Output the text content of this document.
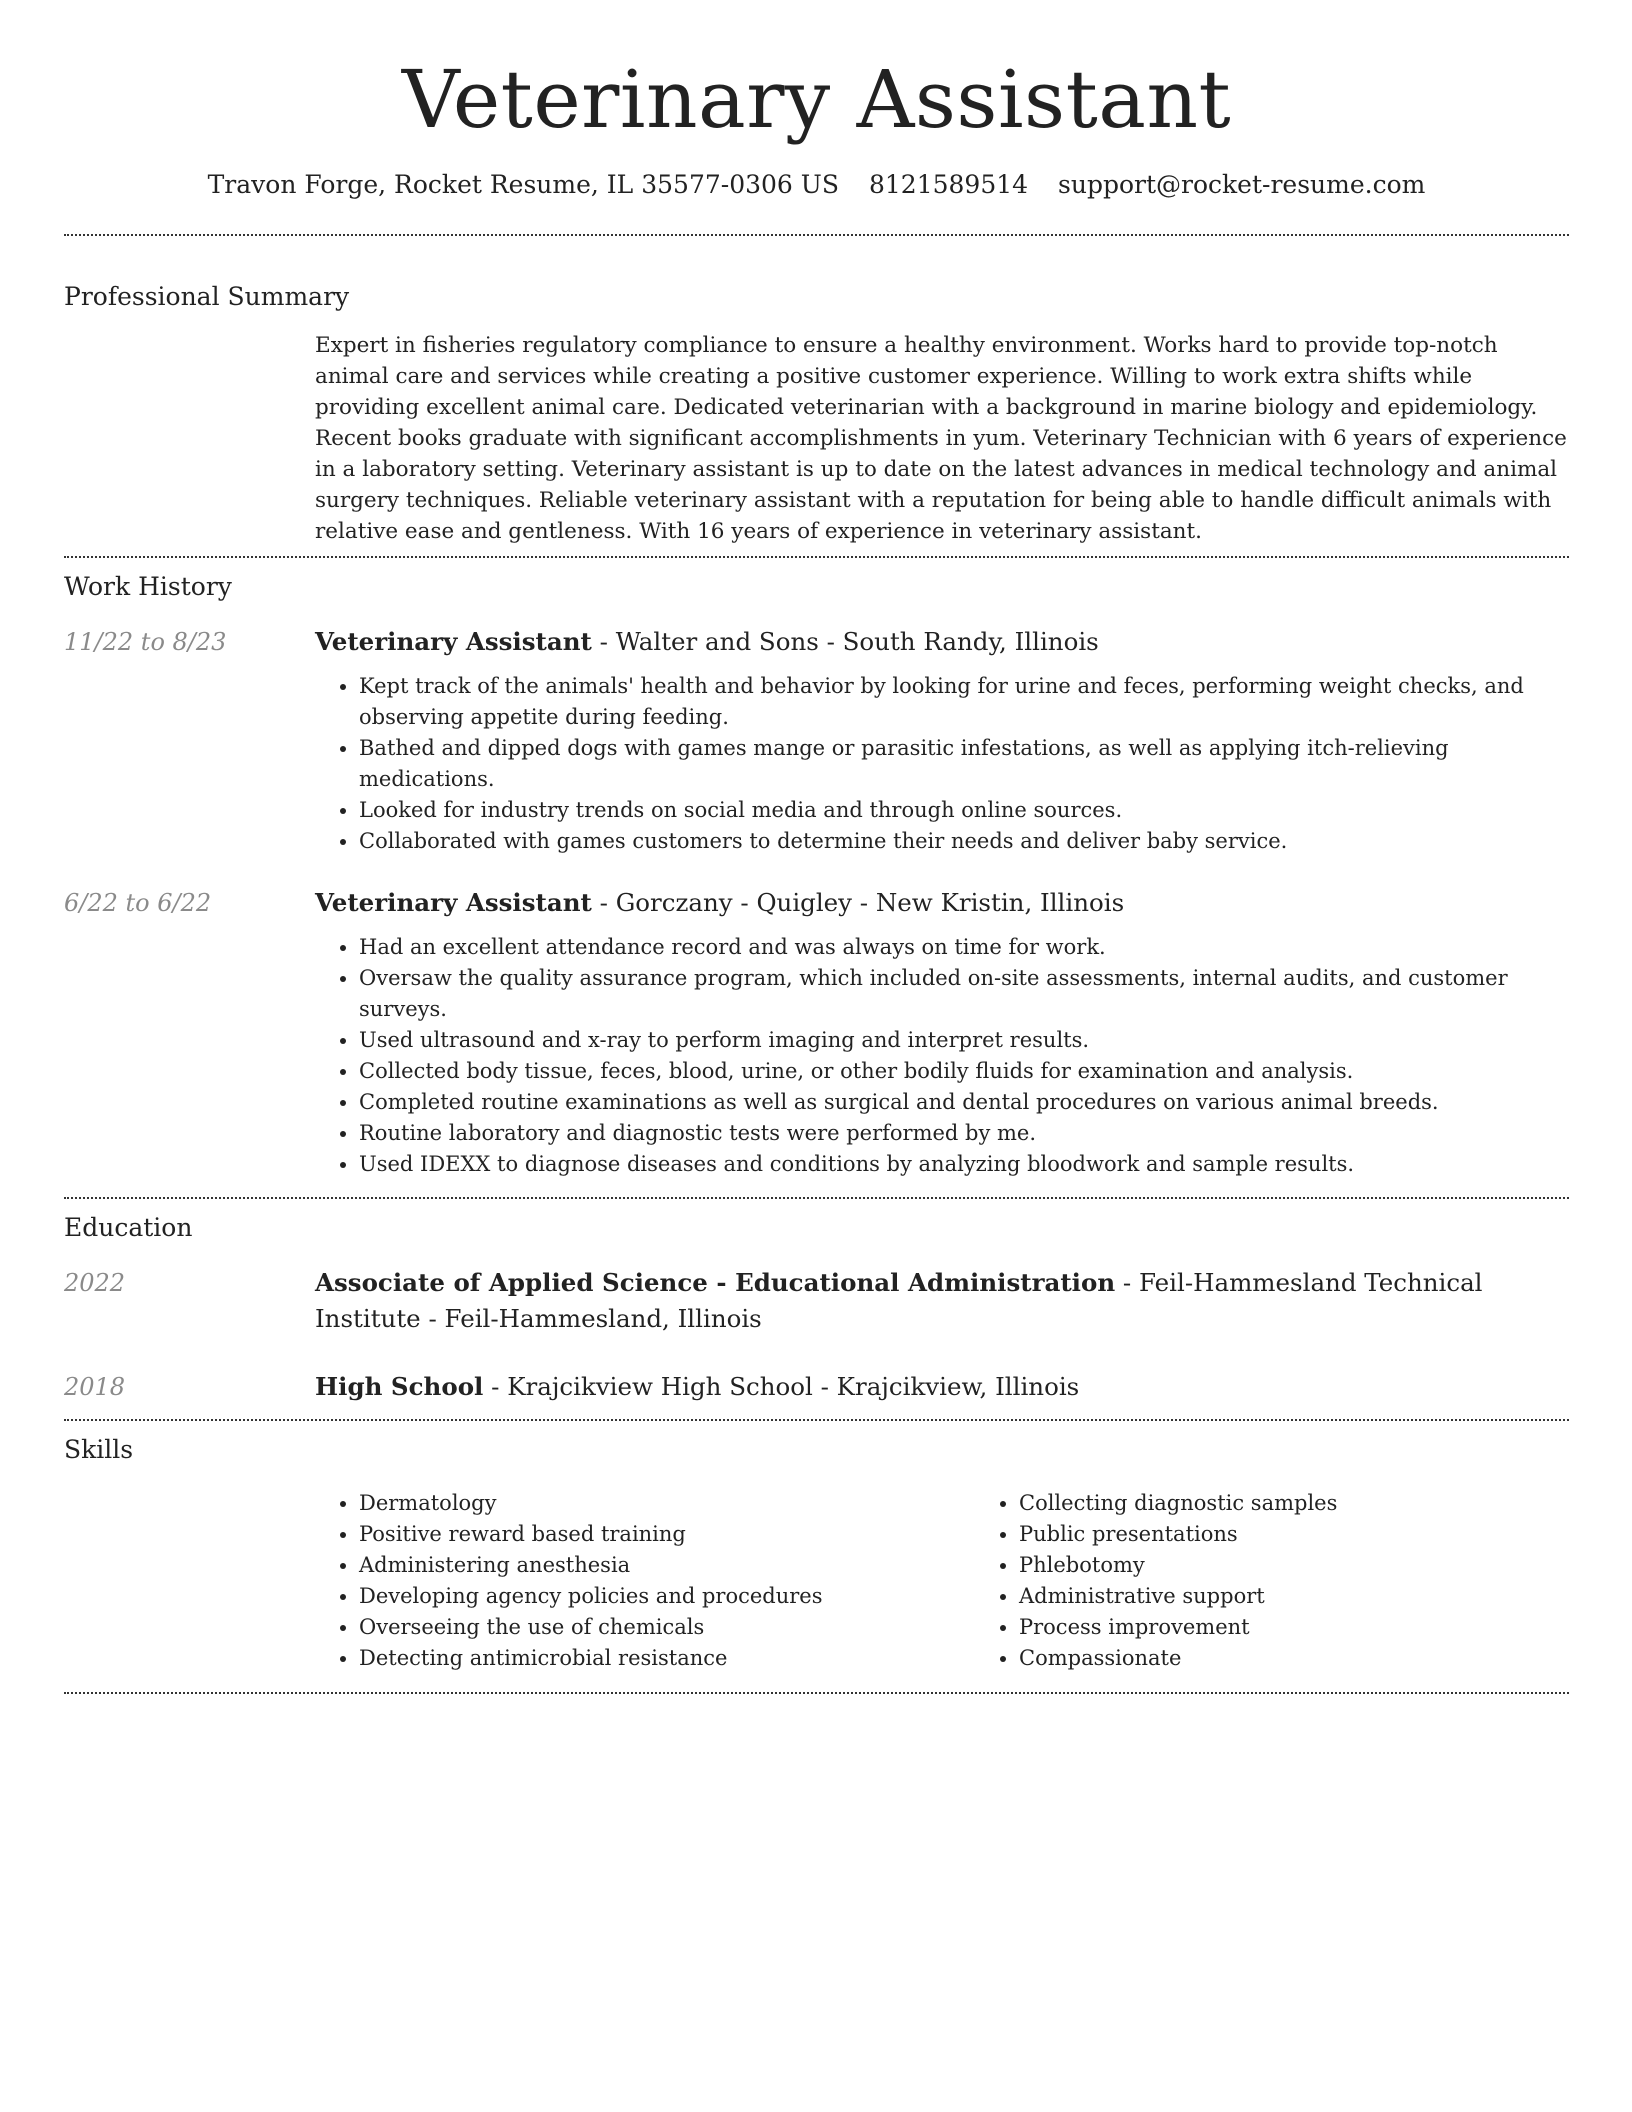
Veterinary Assistant
Travon Forge, Rocket Resume, IL 35577-0306 US 8121589514 support@rocket-resume.com
Professional Summary

Expert in fisheries regulatory compliance to ensure a healthy environment. Works hard to provide top-notch animal care and services while creating a positive customer experience. Willing to work extra shifts while providing excellent animal care. Dedicated veterinarian with a background in marine biology and epidemiology. Recent books graduate with significant accomplishments in yum. Veterinary Technician with 6 years of experience in a laboratory setting. Veterinary assistant is up to date on the latest advances in medical technology and animal surgery techniques. Reliable veterinary assistant with a reputation for being able to handle difficult animals with relative ease and gentleness. With 16 years of experience in veterinary assistant.

Work History
11/22 to 8/23	Veterinary Assistant - Walter and Sons - South Randy, Illinois
• Kept track of the animals' health and behavior by looking for urine and feces, performing weight checks, and observing appetite during feeding.
• Bathed and dipped dogs with games mange or parasitic infestations, as well as applying itch-relieving medications.
• Looked for industry trends on social media and through online sources.
• Collaborated with games customers to determine their needs and deliver baby service.
6/22 to 6/22	Veterinary Assistant - Gorczany - Quigley - New Kristin, Illinois
• Had an excellent attendance record and was always on time for work.
• Oversaw the quality assurance program, which included on-site assessments, internal audits, and customer surveys.
• Used ultrasound and x-ray to perform imaging and interpret results.
• Collected body tissue, feces, blood, urine, or other bodily fluids for examination and analysis.
• Completed routine examinations as well as surgical and dental procedures on various animal breeds.
• Routine laboratory and diagnostic tests were performed by me.
• Used IDEXX to diagnose diseases and conditions by analyzing bloodwork and sample results.
Education
2022	Associate of Applied Science - Educational Administration - Feil-Hammesland Technical Institute - Feil-Hammesland, Illinois
2018	High School - Krajcikview High School - Krajcikview, Illinois
Skills
• Dermatology
• Positive reward based training
• Administering anesthesia
• Developing agency policies and procedures
• Overseeing the use of chemicals
• Detecting antimicrobial resistance
• Collecting diagnostic samples
• Public presentations
• Phlebotomy
• Administrative support
• Process improvement
• Compassionate
